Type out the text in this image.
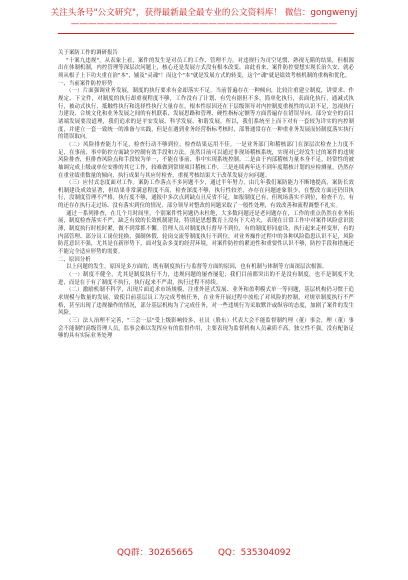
关注头条号"公文研究"，获得最新最全最专业的公文资料库！ 微信：gongwenyj
———————————————————————————————

关于案防工作的调研报告

"十案九违规"，从表象上看，案件的发生是对员工的工作、管理不力，对违规行为司空见惯、熟视无睹的结果，但根源出在体制机制，内控管理等深层次问题上，核心还是发展方式没有根本改变、由此看来，案件防控要想实现长治久安、就必须从根子上下功夫重在治"本"，辅及"灵魂"！而这个"本"就是发展方式的转变，这个"魂"就是绩效考核机制的重构和优化。

一、当前案件防控形势

（一）片面强调业务发展，制度的执行要求有金却落实不足。当前普遍存在一种倾向，比较注重建立制度，讲要求、作规定、下文件，对制度的执行却重视程度不够，工作没有了计划、有凭有据但不多，简单化执行，表面化执行，通减式执行，被动式执行，抵触性执行和选择性执行大量存在，根本性原因还在于层级领导对内控制度重视性的认识不足，忽视执行力建设、合规文化和业务发展之间的有机联系、发展思路和管理、硬性指标定额等方面普遍存在错误导向，部分安全的首目诸端发展要没道理，我们追求的是平安发展、科学发展、和谐发展，所以，我们系统至上而下对有一套较为详实的内控制度，并建立一套一致统一的准备与实践，但是在遇到业务经营指标考核时，部署通常存在一种重业务发展而轻制度落实执行的错误取向。

（二）风险排查能力不足，检查行动不够到位，检查结果运用不佳。一是业务部门和稽核部门在深层次检查上力度不足，在事前、事中防控方面缺少控制有效手段和方法，虽然目前可以通过非现场稽核系统，实现对已经发生过的案件的违规风险排查，但排查风险点和手段较为单一，不能在事前、事中实现系统控制。二是由于内部稽核力量本身不足，经常性的被抽调完成上级或单位安排的其它工作，较难做到常规项目稽核工作，三是连续两年达不到年度稽核计划的应检测量，仍然存在重业绩重数量的倾向，执行成果与其应付检查，重视考核结果大于改革发展方向问题。

（三）应付式态度面对工作。案防工作落点不多问题不少，通过半年努力，由几年我们案防能力不断地提高，案防长效机制建设成效显著，但结果非常满意程度不高，检查深度不够，执行性较差，亦存在问题迹象很少，在整改方面还仍旧执行，没制度管理不严格，执行度不够，通报中多次点到缺点且反省不足，如报制度已有，但现场落实不到位，检查不力，有的还存在执行走过场、没有落实到位的情况，部分领导对整改的问题采取了一般性处理，有效改善和流程调整不扎实。

通过一系列排查，在几个月时间里，个别案件性问题仍未杜绝，大多数问题还是老问题存在，工作的重点仍然在业务拓展，制度检查落实不严，缺乏有效的长效机制建设，特别是思想教育上没有下大功夫，表现在日常工作中对案件风险意识淡薄，制度执行时松时紧，做不到常抓不懈。管理人员对制度执行督导不到位，有的制度形同虚设，执行起来走样变形，有的内部管理、部分员工岗位轮换、强制休假、轮岗交流等制度执行不到位，对业务操作过程中的各种风险隐患认识不足，风险防范意识不强，尤其是在新形势下，面对复杂多变的经营环境，对案件防控的紧迫性和重要性认识不够，防控手段和措施还不能完全适应形势的需要。

二、原因分析

以上问题的发生，原因是多方面的，既有制度执行与监督等方面的原因，也有机制与体制等方面深层次根源。

（一）制度不健全，尤其是制度执行不力，违规问题的屡查屡犯；我们目前都突出的不是没有制度，也不是制度不先进，而是在于有了制度不执行，执行起来不严肃，执行过程不持续。

（二）激励机制不科学，出现片面追求市场规模、注重外延式发展、业务和盈利模式单一等问题，基层机构仍习惯于追求规模与数量的发展，致使目前基层员工为完成考核任务，在业务开展过程中放松了对风险的控制，对规章制度执行不严格，甚至出现了违规操作的情况，部分基层机构为了完成任务，对一些违规行为采取默许或纵容的态度，加剧了案件的发生风险。

（三）法人治理不完善，"三会一层"受上级影响较多，社员（股东）代表大会不能监督制约理（董）事会，理（董）事会不能制约高级管理人员，监事会难以发挥应有的监督作用，主要表现为监督机构人员素质不高，独立性不强，没有配备足够的具有实际业务处理

QQ群：30265665	QQ：535304092
